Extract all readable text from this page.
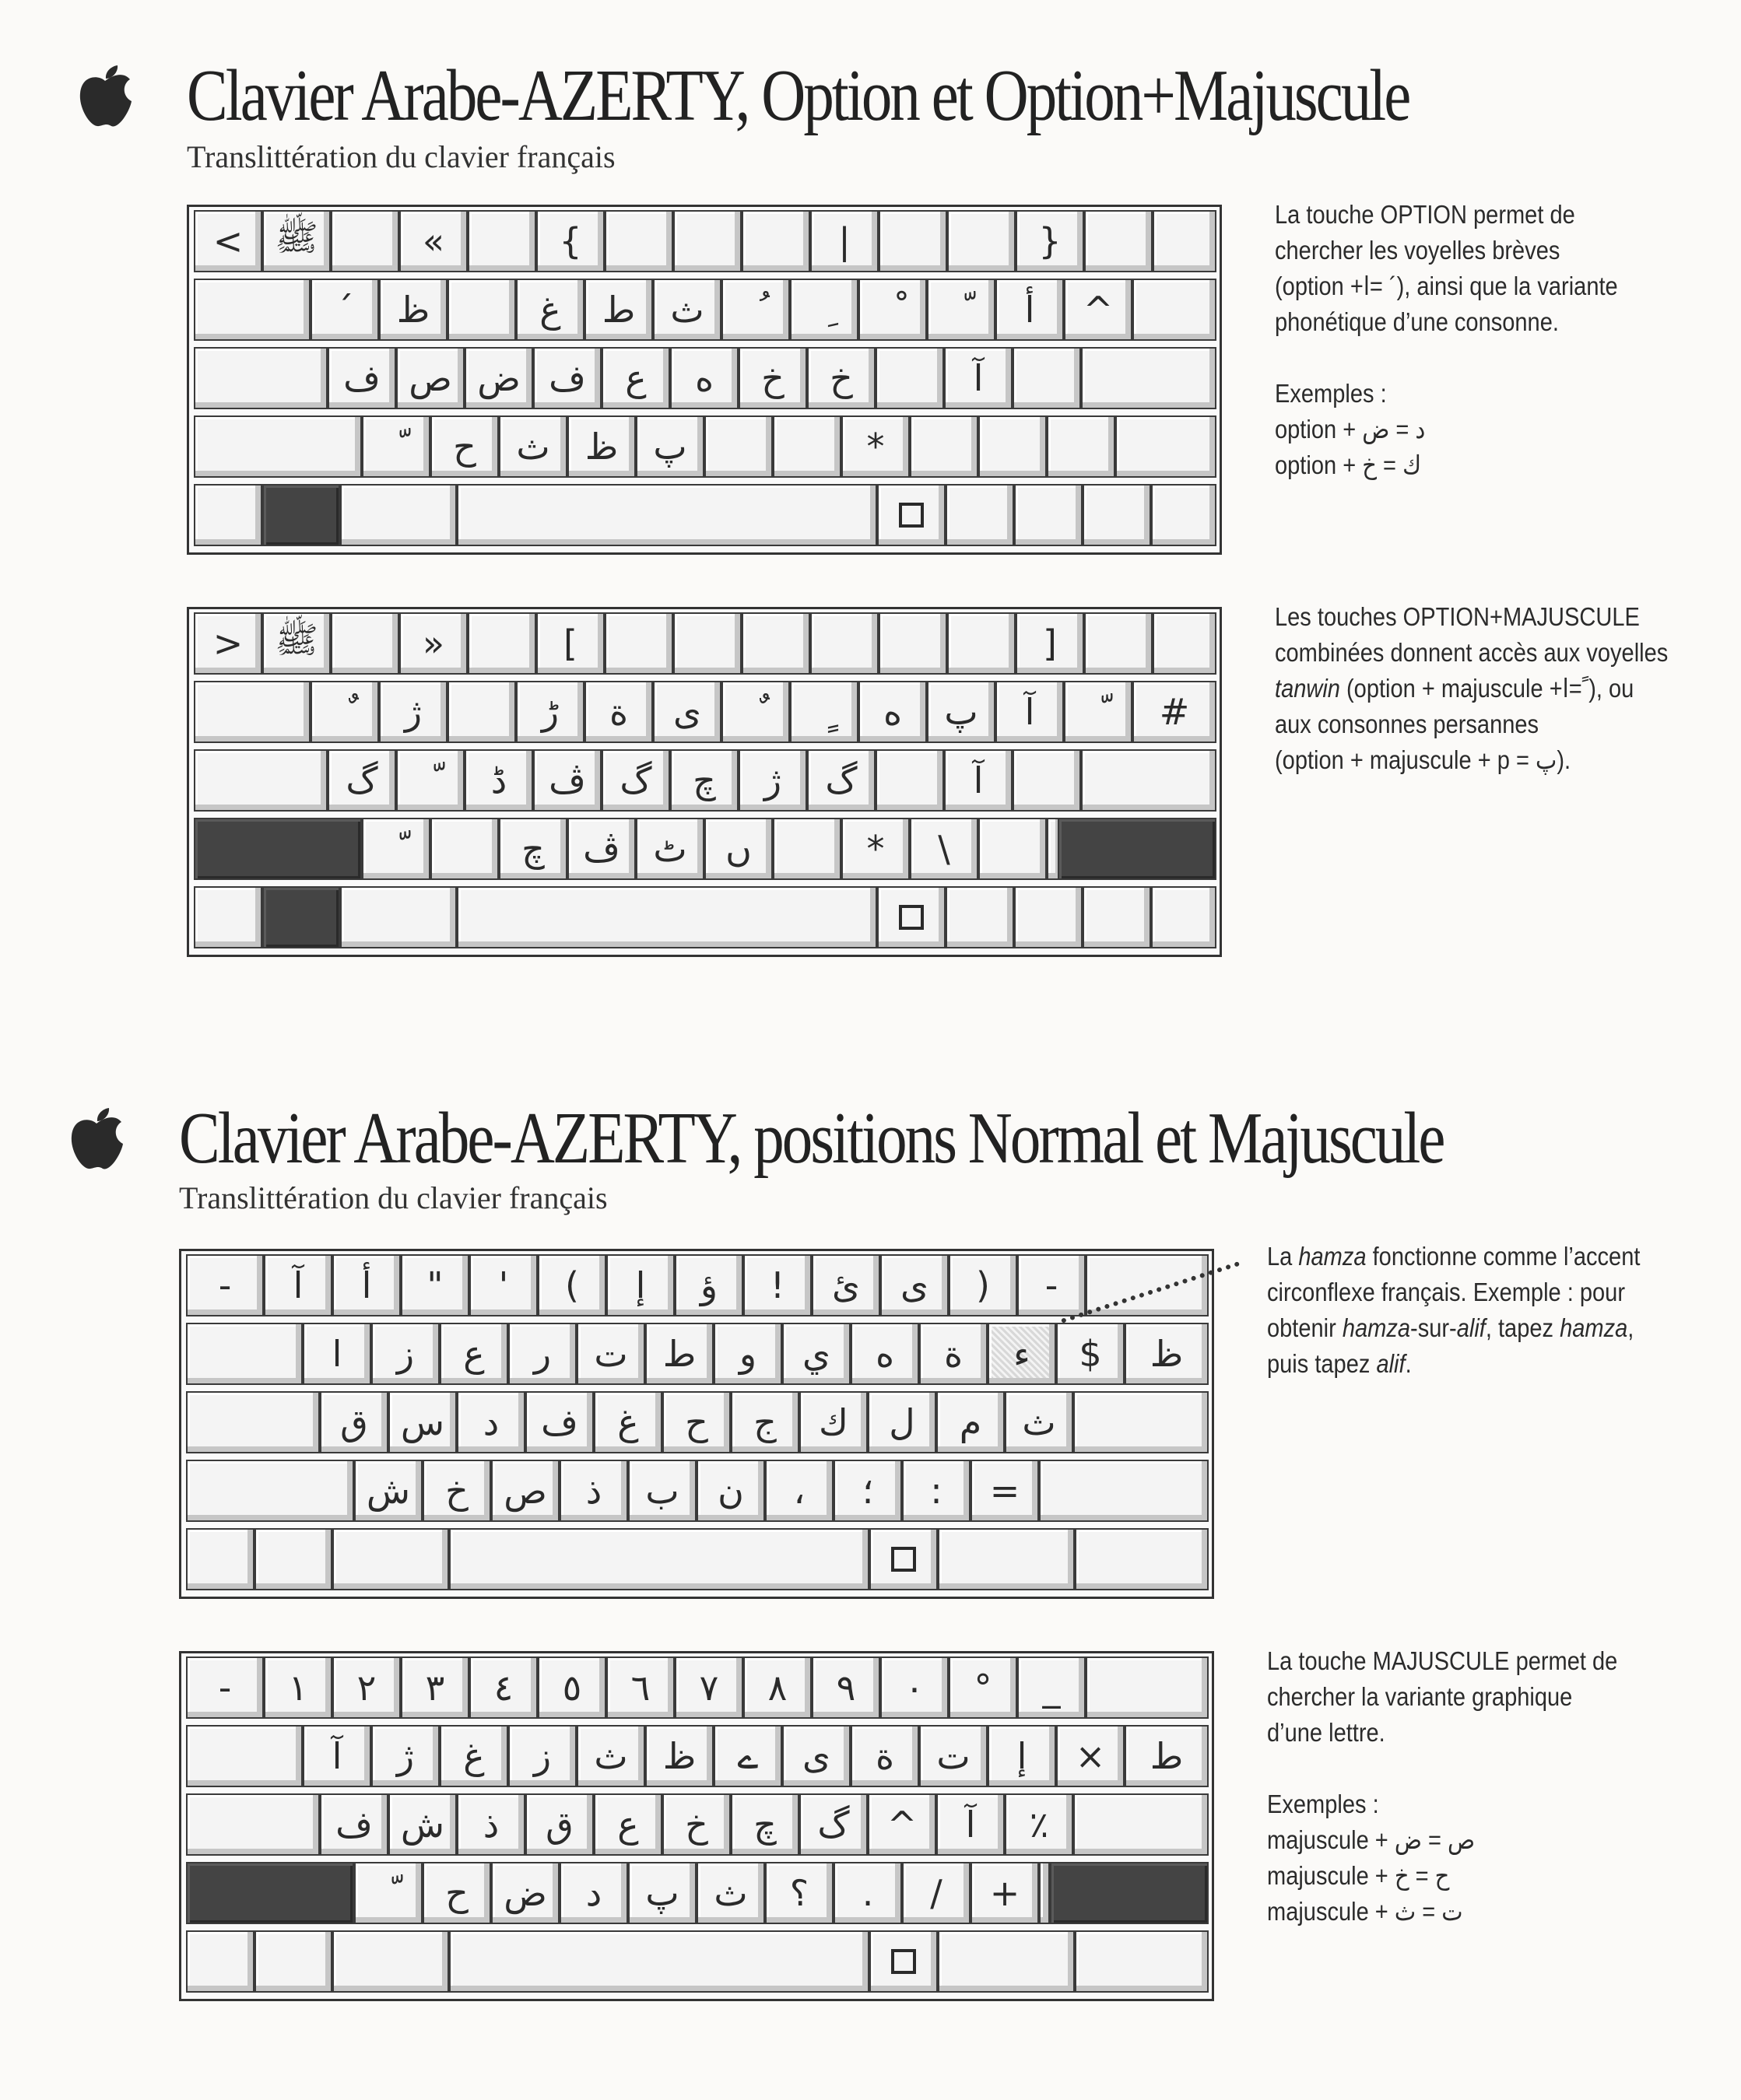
Clavier Arabe-AZERTY, Option et Option+Majuscule
Translittération du clavier français
< ﷺ	«	{	|	}
´	ظ	غ	ط ث	أ	^
ف ص ض ف	ع	ه	خ	خ	آ
ح	ث ظ پ	*

La touche OPTION permet de

chercher les voyelles brèves

(option +ا= ´), ainsi que la variante

phonétique d’une consonne.

Exemples :

option + د = ض

option + ك = خ

> ﷺ	»	[	]
ژ	ڑ	ة	ى	ه	پ	آ	#
گ	ڈ	ڤ گ	چ	ژ	گ	آ
چ	ڤ ٹ	ں	*	\

Les touches OPTION+MAJUSCULE

combinées donnent accès aux voyelles

tanwin (option + majuscule +ا= ً), ou

aux consonnes persannes

(option + majuscule + p = پ).

Clavier Arabe-AZERTY, positions Normal et Majuscule
Translittération du clavier français
-	آ	أ	"	'	(	إ	ؤ	!	ئ	ى	)	-
ا	ز	ع	ر	ت ط	و	ي	ه	ة	ء	$	ظ
ق س	د	ف	غ	ح	ج	ك	ل	م	ث
ش خ ص	ذ	ب	ن	،	؛	:	=

La hamza fonctionne comme l’accent

circonflexe français. Exemple : pour

obtenir hamza-sur-alif, tapez hamza,

puis tapez alif.

-	١	٢	٣	٤	٥	٦	٧	٨	٩	٠	°	_
آ	ژ	غ	ز	ث ظ	ے	ى	ة	ت	إ	×	ط
ف ش	ذ	ق	ع	خ	چ	گ	^	آ	٪
ح ض	د	پ ث	؟	.	/	+

La touche MAJUSCULE permet de

chercher la variante graphique

d’une lettre.

Exemples :

majuscule + ص = ض

majuscule + ح = خ

majuscule + ت = ث
